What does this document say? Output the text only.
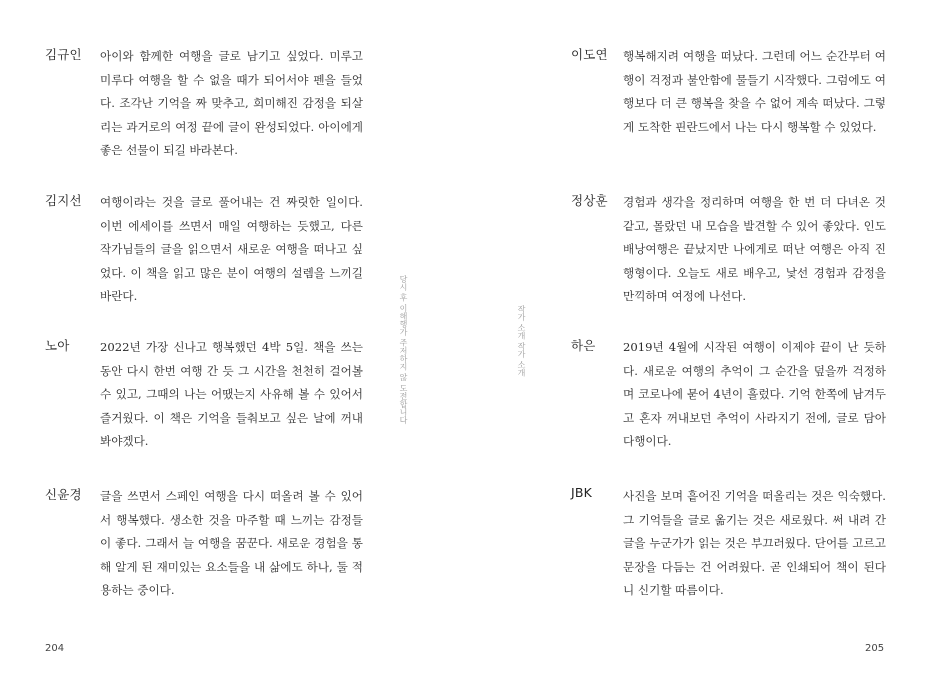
김규인 아이와 함께한 여행을 글로 남기고 싶었다. 미루고 미루다 여행을 할 수 없을 때가 되어서야 펜을 들었다. 조각난 기억을 짜 맞추고, 희미해진 감정을 되살리는 과거로의 여정 끝에 글이 완성되었다. 아이에게 좋은 선물이 되길 바라본다.
김지선 여행이라는 것을 글로 풀어내는 건 짜릿한 일이다. 이번 에세이를 쓰면서 매일 여행하는 듯했고, 다른 작가님들의 글을 읽으면서 새로운 여행을 떠나고 싶었다. 이 책을 읽고 많은 분이 여행의 설렘을 느끼길 바란다.
노아	2022년 가장 신나고 행복했던 4박 5일. 책을 쓰는 동안 다시 한번 여행 간 듯 그 시간을 천천히 걸어볼 수 있고, 그때의 나는 어땠는지 사유해 볼 수 있어서 즐거웠다. 이 책은 기억을 들춰보고 싶은 날에 꺼내봐야겠다.
신윤경 글을 쓰면서 스페인 여행을 다시 떠올려 볼 수 있어서 행복했다. 생소한 것을 마주할 때 느끼는 감정들이 좋다. 그래서 늘 여행을 꿈꾼다. 새로운 경험을 통해 알게 된 재미있는 요소들을 내 삶에도 하나, 둘 적용하는 중이다.
당시 후 이해행가 주저하지 않 도전합니다
204
작가 소개 작가 소개
이도연 행복해지려 여행을 떠났다. 그런데 어느 순간부터 여행이 걱정과 불안함에 물들기 시작했다. 그럼에도 여행보다 더 큰 행복을 찾을 수 없어 계속 떠났다. 그렇게 도착한 핀란드에서 나는 다시 행복할 수 있었다.
정상훈 경험과 생각을 정리하며 여행을 한 번 더 다녀온 것 같고, 몰랐던 내 모습을 발견할 수 있어 좋았다. 인도 배낭여행은 끝났지만 나에게로 떠난 여행은 아직 진행형이다. 오늘도 새로 배우고, 낯선 경험과 감정을 만끽하며 여정에 나선다.
하은 2019년 4월에 시작된 여행이 이제야 끝이 난 듯하다. 새로운 여행의 추억이 그 순간을 덮을까 걱정하며 코로나에 묻어 4년이 흘렀다. 기억 한쪽에 남겨두고 혼자 꺼내보던 추억이 사라지기 전에, 글로 담아 다행이다.
JBK	사진을 보며 흩어진 기억을 떠올리는 것은 익숙했다. 그 기억들을 글로 옮기는 것은 새로웠다. 써 내려 간 글을 누군가가 읽는 것은 부끄러웠다. 단어를 고르고 문장을 다듬는 건 어려웠다. 곧 인쇄되어 책이 된다니 신기할 따름이다.
205
